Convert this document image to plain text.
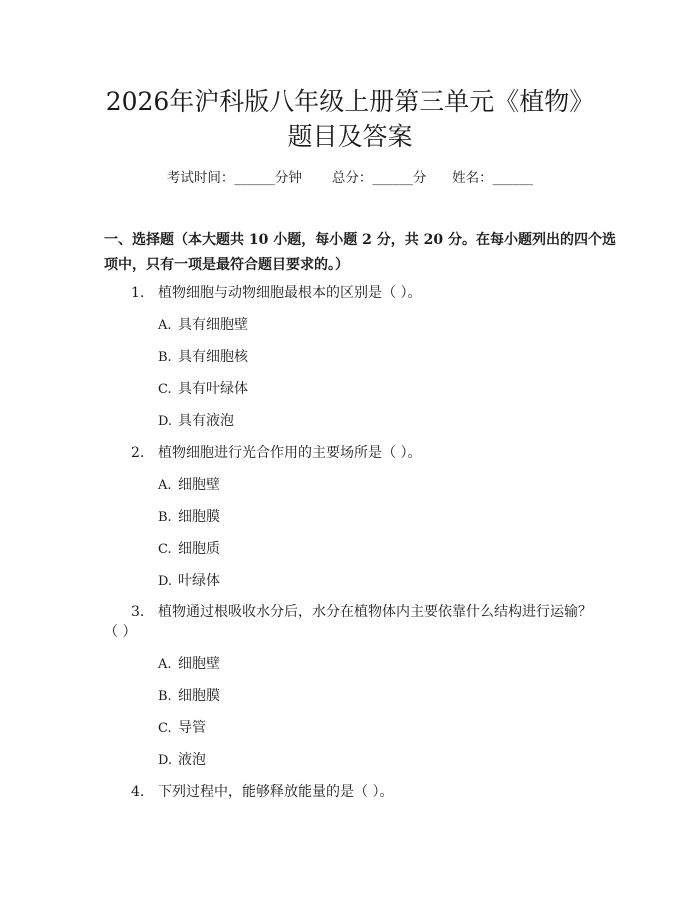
2026年沪科版八年级上册第三单元《植物》
题目及答案
考试时间：______分钟 总分：______分 姓名：______

一、选择题（本大题共 10 小题，每小题 2 分，共 20 分。在每小题列出的四个选

项中，只有一项是最符合题目要求的。）

1. 植物细胞与动物细胞最根本的区别是（ ）。
A. 具有细胞壁
B. 具有细胞核
C. 具有叶绿体
D. 具有液泡
2. 植物细胞进行光合作用的主要场所是（ ）。
A. 细胞壁
B. 细胞膜
C. 细胞质
D. 叶绿体
3. 植物通过根吸收水分后，水分在植物体内主要依靠什么结构进行运输？
（ ）
A. 细胞壁
B. 细胞膜
C. 导管
D. 液泡
4. 下列过程中，能够释放能量的是（ ）。
